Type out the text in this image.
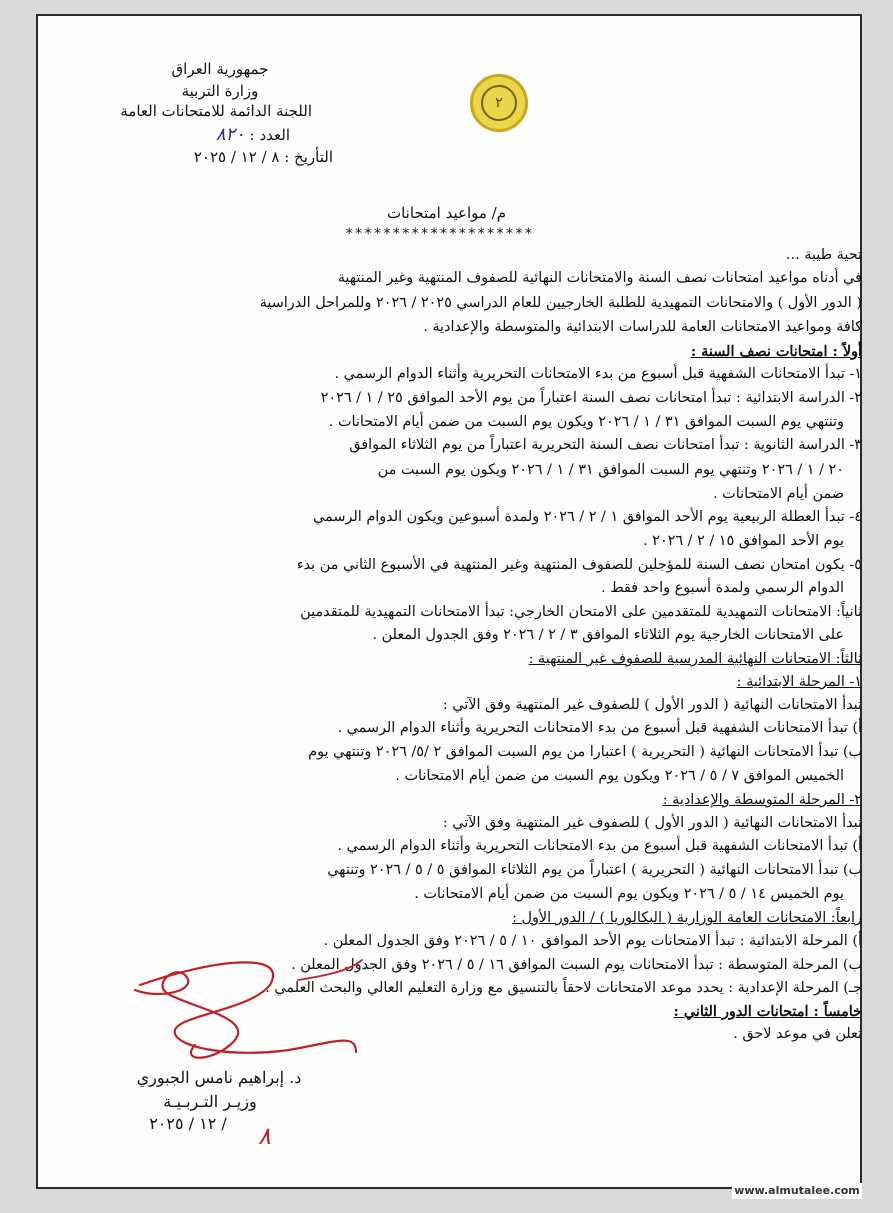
٢
جمهورية العراق
وزارة التربية
اللجنة الدائمة للامتحانات العامة
العدد : ٨٢٠
التأريخ : ٨ / ١٢ / ٢٠٢٥
م/ مواعيد امتحانات
********************
تحية طيبة ...
في أدناه مواعيد امتحانات نصف السنة والامتحانات النهائية للصفوف المنتهية وغير المنتهية
( الدور الأول ) والامتحانات التمهيدية للطلبة الخارجيين للعام الدراسي ٢٠٢٥ / ٢٠٢٦ وللمراحل الدراسية
كافة ومواعيد الامتحانات العامة للدراسات الابتدائية والمتوسطة والإعدادية .
أولاً : امتحانات نصف السنة :
١- تبدأ الامتحانات الشفهية قبل أسبوع من بدء الامتحانات التحريرية وأثناء الدوام الرسمي .
٢- الدراسة الابتدائية : تبدأ امتحانات نصف السنة اعتباراً من يوم الأحد الموافق ٢٥ / ١ / ٢٠٢٦
وتنتهي يوم السبت الموافق ٣١ / ١ / ٢٠٢٦ ويكون يوم السبت من ضمن أيام الامتحانات .
٣- الدراسة الثانوية : تبدأ امتحانات نصف السنة التحريرية اعتباراً من يوم الثلاثاء الموافق
٢٠ / ١ / ٢٠٢٦ وتنتهي يوم السبت الموافق ٣١ / ١ / ٢٠٢٦ ويكون يوم السبت من
ضمن أيام الامتحانات .
٤- تبدأ العطلة الربيعية يوم الأحد الموافق ١ / ٢ / ٢٠٢٦ ولمدة أسبوعين ويكون الدوام الرسمي
يوم الأحد الموافق ١٥ / ٢ / ٢٠٢٦ .
٥- يكون امتحان نصف السنة للمؤجلين للصفوف المنتهية وغير المنتهية في الأسبوع الثاني من بدء
الدوام الرسمي ولمدة أسبوع واحد فقط .
ثانياً: الامتحانات التمهيدية للمتقدمين على الامتحان الخارجي: تبدأ الامتحانات التمهيدية للمتقدمين
على الامتحانات الخارجية يوم الثلاثاء الموافق ٣ / ٢ / ٢٠٢٦ وفق الجدول المعلن .
ثالثاً: الامتحانات النهائية المدرسية للصفوف غير المنتهية :
١- المرحلة الابتدائية :
تبدأ الامتحانات النهائية ( الدور الأول ) للصفوف غير المنتهية وفق الآتي :
أ) تبدأ الامتحانات الشفهية قبل أسبوع من بدء الامتحانات التحريرية وأثناء الدوام الرسمي .
ب) تبدأ الامتحانات النهائية ( التحريرية ) اعتبارا من يوم السبت الموافق ٢ /٥/ ٢٠٢٦ وتنتهي يوم
الخميس الموافق ٧ / ٥ / ٢٠٢٦ ويكون يوم السبت من ضمن أيام الامتحانات .
٢- المرحلة المتوسطة والإعدادية :
تبدأ الامتحانات النهائية ( الدور الأول ) للصفوف غير المنتهية وفق الآتي :
أ) تبدأ الامتحانات الشفهية قبل أسبوع من بدء الامتحانات التحريرية وأثناء الدوام الرسمي .
ب) تبدأ الامتحانات النهائية ( التحريرية ) اعتباراً من يوم الثلاثاء الموافق ٥ / ٥ / ٢٠٢٦ وتنتهي
يوم الخميس ١٤ / ٥ / ٢٠٢٦ ويكون يوم السبت من ضمن أيام الامتحانات .
رابعاً: الامتحانات العامة الوزارية ( البكالوريا ) / الدور الأول :
أ) المرحلة الابتدائية : تبدأ الامتحانات يوم الأحد الموافق ١٠ / ٥ / ٢٠٢٦ وفق الجدول المعلن .
ب) المرحلة المتوسطة : تبدأ الامتحانات يوم السبت الموافق ١٦ / ٥ / ٢٠٢٦ وفق الجدول المعلن .
جـ) المرحلة الإعدادية : يحدد موعد الامتحانات لاحقاً بالتنسيق مع وزارة التعليم العالي والبحث العلمي .
خامساً : امتحانات الدور الثاني :
تعلن في موعد لاحق .
د. إبراهيم نامس الجبوري
وزيـر التـربـيـة
/ ١٢ / ٢٠٢٥	٨
www.almutalee.com
